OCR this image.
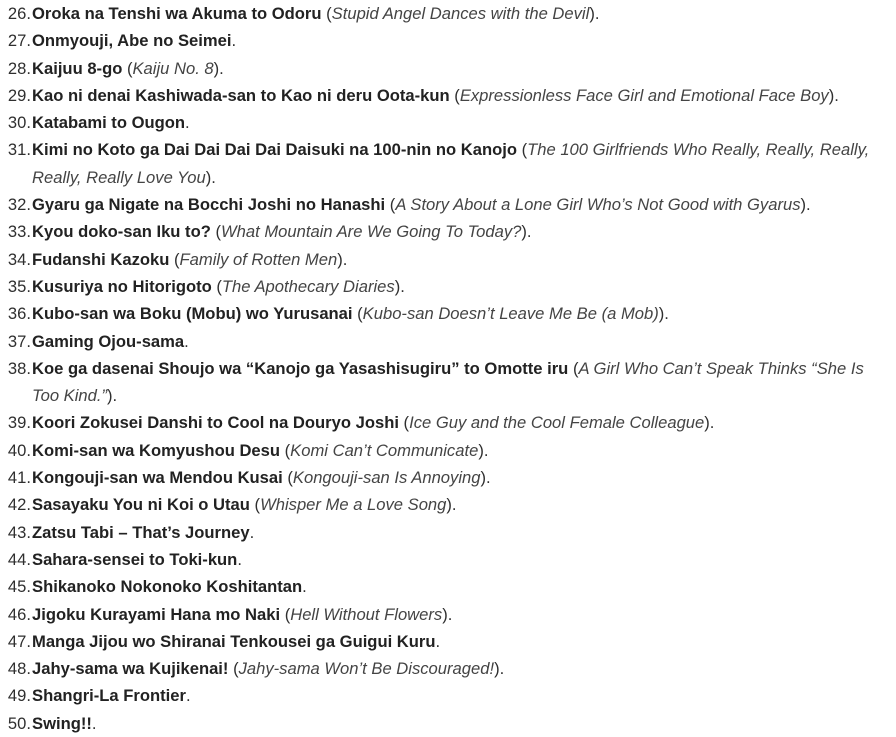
26. Oroka na Tenshi wa Akuma to Odoru (Stupid Angel Dances with the Devil).
27. Onmyouji, Abe no Seimei.
28. Kaijuu 8-go (Kaiju No. 8).
29. Kao ni denai Kashiwada-san to Kao ni deru Oota-kun (Expressionless Face Girl and Emotional Face Boy).
30. Katabami to Ougon.
31. Kimi no Koto ga Dai Dai Dai Dai Daisuki na 100-nin no Kanojo (The 100 Girlfriends Who Really, Really, Really, Really, Really Love You).
32. Gyaru ga Nigate na Bocchi Joshi no Hanashi (A Story About a Lone Girl Who’s Not Good with Gyarus).
33. Kyou doko-san Iku to? (What Mountain Are We Going To Today?).
34. Fudanshi Kazoku (Family of Rotten Men).
35. Kusuriya no Hitorigoto (The Apothecary Diaries).
36. Kubo-san wa Boku (Mobu) wo Yurusanai (Kubo-san Doesn’t Leave Me Be (a Mob)).
37. Gaming Ojou-sama.
38. Koe ga dasenai Shoujo wa “Kanojo ga Yasashisugiru” to Omotte iru (A Girl Who Can’t Speak Thinks “She Is Too Kind.”).
39. Koori Zokusei Danshi to Cool na Douryo Joshi (Ice Guy and the Cool Female Colleague).
40. Komi-san wa Komyushou Desu (Komi Can’t Communicate).
41. Kongouji-san wa Mendou Kusai (Kongouji-san Is Annoying).
42. Sasayaku You ni Koi o Utau (Whisper Me a Love Song).
43. Zatsu Tabi – That’s Journey.
44. Sahara-sensei to Toki-kun.
45. Shikanoko Nokonoko Koshitantan.
46. Jigoku Kurayami Hana mo Naki (Hell Without Flowers).
47. Manga Jijou wo Shiranai Tenkousei ga Guigui Kuru.
48. Jahy-sama wa Kujikenai! (Jahy-sama Won’t Be Discouraged!).
49. Shangri-La Frontier.
50. Swing!!.
